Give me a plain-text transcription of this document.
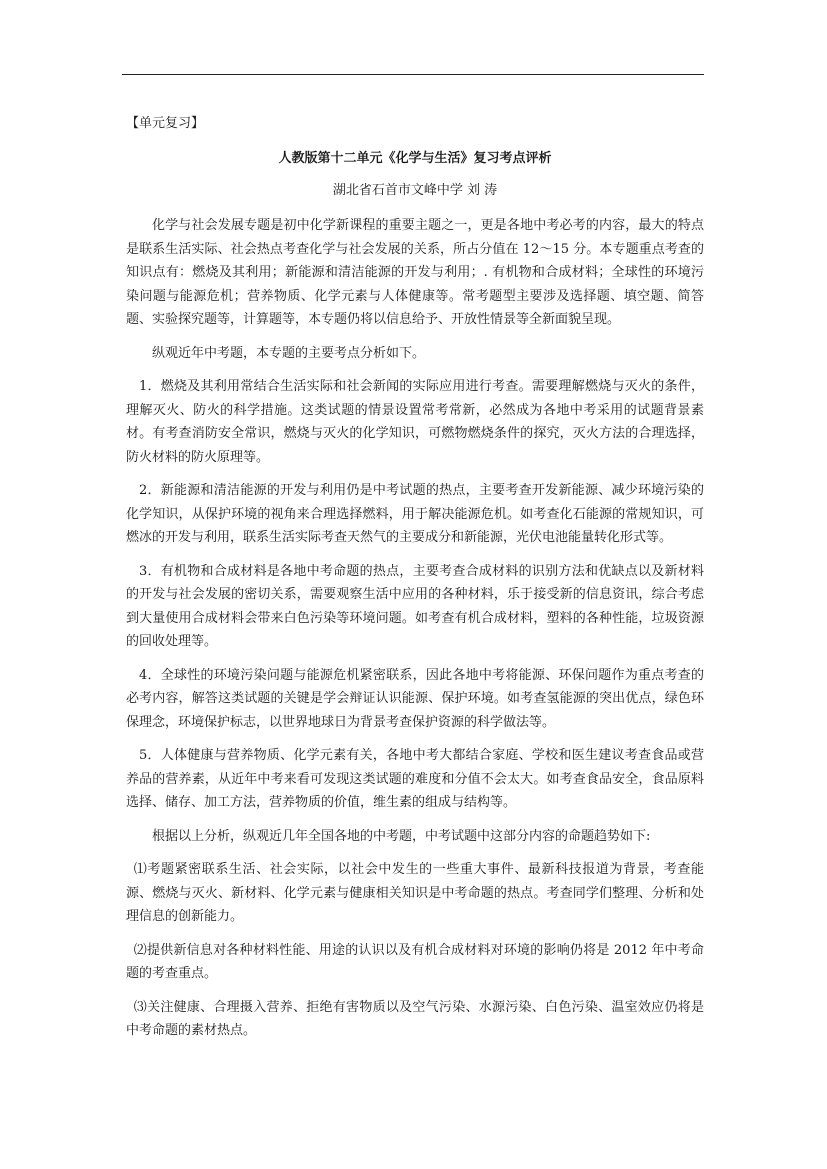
【单元复习】

人教版第十二单元《化学与生活》复习考点评析

湖北省石首市文峰中学 刘 涛

化学与社会发展专题是初中化学新课程的重要主题之一，更是各地中考必考的内容，最大的特点是联系生活实际、社会热点考查化学与社会发展的关系，所占分值在 12～15 分。本专题重点考查的知识点有：燃烧及其利用；新能源和清洁能源的开发与利用；. 有机物和合成材料；全球性的环境污染问题与能源危机；营养物质、化学元素与人体健康等。常考题型主要涉及选择题、填空题、简答题、实验探究题等，计算题等，本专题仍将以信息给予、开放性情景等全新面貌呈现。

纵观近年中考题，本专题的主要考点分析如下。

1．燃烧及其利用常结合生活实际和社会新闻的实际应用进行考查。需要理解燃烧与灭火的条件，理解灭火、防火的科学措施。这类试题的情景设置常考常新，必然成为各地中考采用的试题背景素材。有考查消防安全常识，燃烧与灭火的化学知识，可燃物燃烧条件的探究，灭火方法的合理选择，防火材料的防火原理等。

2．新能源和清洁能源的开发与利用仍是中考试题的热点，主要考查开发新能源、减少环境污染的化学知识，从保护环境的视角来合理选择燃料，用于解决能源危机。如考查化石能源的常规知识，可燃冰的开发与利用，联系生活实际考查天然气的主要成分和新能源，光伏电池能量转化形式等。

3．有机物和合成材料是各地中考命题的热点，主要考查合成材料的识别方法和优缺点以及新材料的开发与社会发展的密切关系，需要观察生活中应用的各种材料，乐于接受新的信息资讯，综合考虑到大量使用合成材料会带来白色污染等环境问题。如考查有机合成材料，塑料的各种性能，垃圾资源的回收处理等。

4．全球性的环境污染问题与能源危机紧密联系，因此各地中考将能源、环保问题作为重点考查的必考内容，解答这类试题的关键是学会辩证认识能源、保护环境。如考查氢能源的突出优点，绿色环保理念，环境保护标志，以世界地球日为背景考查保护资源的科学做法等。

5．人体健康与营养物质、化学元素有关，各地中考大都结合家庭、学校和医生建议考查食品或营养品的营养素，从近年中考来看可发现这类试题的难度和分值不会太大。如考查食品安全，食品原料选择、储存、加工方法，营养物质的价值，维生素的组成与结构等。

根据以上分析，纵观近几年全国各地的中考题，中考试题中这部分内容的命题趋势如下:

⑴考题紧密联系生活、社会实际，以社会中发生的一些重大事件、最新科技报道为背景，考查能源、燃烧与灭火、新材料、化学元素与健康相关知识是中考命题的热点。考查同学们整理、分析和处理信息的创新能力。

⑵提供新信息对各种材料性能、用途的认识以及有机合成材料对环境的影响仍将是 2012 年中考命题的考查重点。

⑶关注健康、合理摄入营养、拒绝有害物质以及空气污染、水源污染、白色污染、温室效应仍将是中考命题的素材热点。
